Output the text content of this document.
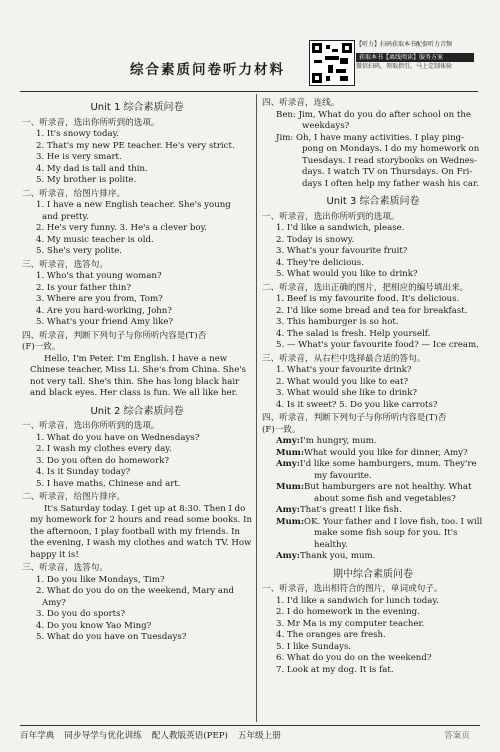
综合素质问卷听力材料
【听力】扫码获取本书配套听力音频
获取本书【离线阅读】服务方案
微信扫码，领取指引，马上定制体验
Unit 1 综合素质问卷
一、听录音，选出你所听到的选项。
1. It's snowy today.
2. That's my new PE teacher. He's very strict.
3. He is very smart.
4. My dad is tall and thin.
5. My brother is polite.
二、听录音，给图片排序。
1. I have a new English teacher. She's young
and pretty.
2. He's very funny. 3. He's a clever boy.
4. My music teacher is old.
5. She's very polite.
三、听录音，选答句。
1. Who's that young woman?
2. Is your father thin?
3. Where are you from, Tom?
4. Are you hard-working, John?
5. What's your friend Amy like?
四、听录音，判断下列句子与你所听内容是(T)否
(F)一致。
Hello, I'm Peter. I'm English. I have a new Chinese teacher, Miss Li. She's from China. She's not very tall. She's thin. She has long black hair and black eyes. Her class is fun. We all like her.
Unit 2 综合素质问卷
一、听录音，选出你所听到的选项。
1. What do you have on Wednesdays?
2. I wash my clothes every day.
3. Do you often do homework?
4. Is it Sunday today?
5. I have maths, Chinese and art.
二、听录音，给图片排序。
It's Saturday today. I get up at 8:30. Then I do my homework for 2 hours and read some books. In the afternoon, I play football with my friends. In the evening, I wash my clothes and watch TV. How happy it is!
三、听录音，选答句。
1. Do you like Mondays, Tim?
2. What do you do on the weekend, Mary and
Amy?
3. Do you do sports?
4. Do you know Yao Ming?
5. What do you have on Tuesdays?
四、听录音，连线。
Ben: Jim, What do you do after school on the
weekdays?
Jim: Oh, I have many activities. I play ping-
pong on Mondays. I do my homework on
Tuesdays. I read storybooks on Wednes-
days. I watch TV on Thursdays. On Fri-
days I often help my father wash his car.
Unit 3 综合素质问卷
一、听录音，选出你所听到的选项。
1. I'd like a sandwich, please.
2. Today is snowy.
3. What's your favourite fruit?
4. They're delicious.
5. What would you like to drink?
二、听录音，选出正确的图片，把相应的编号填出来。
1. Beef is my favourite food. It's delicious.
2. I'd like some bread and tea for breakfast.
3. This hamburger is so hot.
4. The salad is fresh. Help yourself.
5. — What's your favourite food? — Ice cream.
三、听录音，从右栏中选择最合适的答句。
1. What's your favourite drink?
2. What would you like to eat?
3. What would she like to drink?
4. Is it sweet? 5. Do you like carrots?
四、听录音，判断下列句子与你所听内容是(T)否
(F)一致。
Amy:I'm hungry, mum.
Mum:What would you like for dinner, Amy?
Amy:I'd like some hamburgers, mum. They're my favourite.
Mum:But hamburgers are not healthy. What about some fish and vegetables?
Amy:That's great! I like fish.
Mum:OK. Your father and I love fish, too. I will make some fish soup for you. It's healthy.
Amy:Thank you, mum.
期中综合素质问卷
一、听录音，选出相符合的图片，单词或句子。
1. I'd like a sandwich for lunch today.
2. I do homework in the evening.
3. Mr Ma is my computer teacher.
4. The oranges are fresh.
5. I like Sundays.
6. What do you do on the weekend?
7. Look at my dog. It is fat.
百年学典 同步导学与优化训练 配人教版英语(PEP) 五年级上册	答案页
